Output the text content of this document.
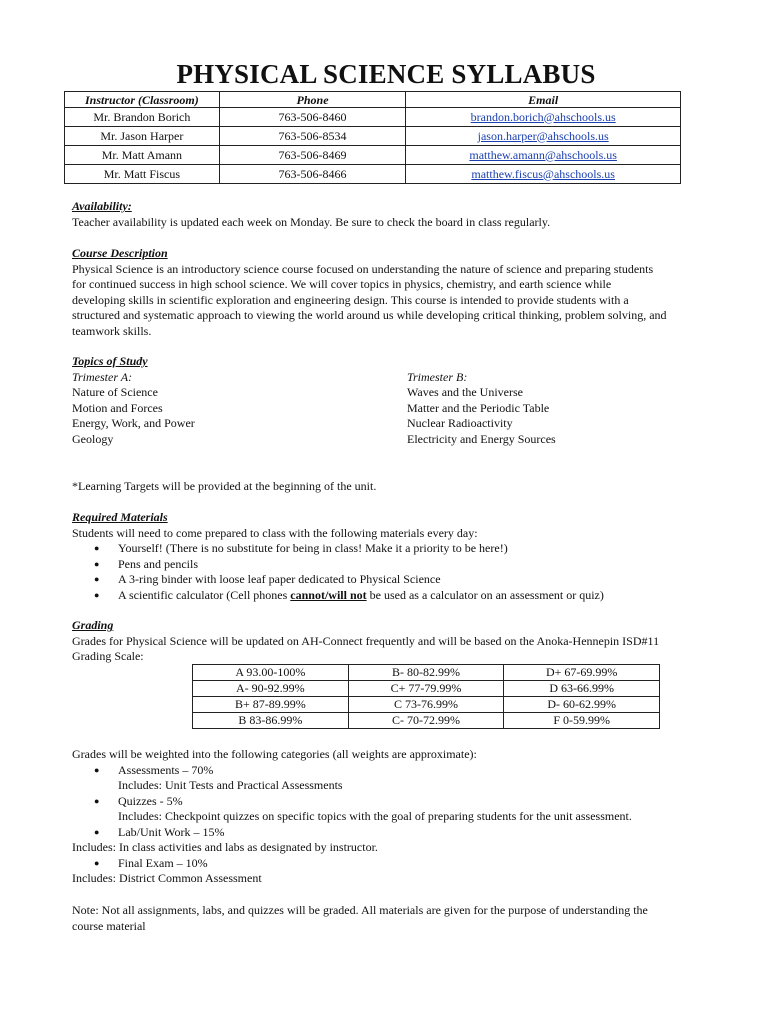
PHYSICAL SCIENCE SYLLABUS
Instructor (Classroom)	Phone	Email
Mr. Brandon Borich	763-506-8460	brandon.borich@ahschools.us
Mr. Jason Harper	763-506-8534	jason.harper@ahschools.us
Mr. Matt Amann	763-506-8469	matthew.amann@ahschools.us
Mr. Matt Fiscus	763-506-8466	matthew.fiscus@ahschools.us

Availability:

Teacher availability is updated each week on Monday. Be sure to check the board in class regularly.

Course Description

Physical Science is an introductory science course focused on understanding the nature of science and preparing students

for continued success in high school science. We will cover topics in physics, chemistry, and earth science while

developing skills in scientific exploration and engineering design. This course is intended to provide students with a

structured and systematic approach to viewing the world around us while developing critical thinking, problem solving, and

teamwork skills.

Topics of Study

Trimester A:

Nature of Science

Motion and Forces

Energy, Work, and Power

Geology

Trimester B:

Waves and the Universe

Matter and the Periodic Table

Nuclear Radioactivity

Electricity and Energy Sources

*Learning Targets will be provided at the beginning of the unit.

Required Materials

Students will need to come prepared to class with the following materials every day:

● Yourself! (There is no substitute for being in class! Make it a priority to be here!)
● Pens and pencils
● A 3-ring binder with loose leaf paper dedicated to Physical Science
● A scientific calculator (Cell phones cannot/will not be used as a calculator on an assessment or quiz)

Grading

Grades for Physical Science will be updated on AH-Connect frequently and will be based on the Anoka-Hennepin ISD#11

Grading Scale:

A 93.00-100%	B- 80-82.99%	D+ 67-69.99%
A- 90-92.99%	C+ 77-79.99%	D 63-66.99%
B+ 87-89.99%	C 73-76.99%	D- 60-62.99%
B 83-86.99%	C- 70-72.99%	F 0-59.99%

Grades will be weighted into the following categories (all weights are approximate):

● Assessments – 70%

Includes: Unit Tests and Practical Assessments

● Quizzes - 5%

Includes: Checkpoint quizzes on specific topics with the goal of preparing students for the unit assessment.

● Lab/Unit Work – 15%

Includes: In class activities and labs as designated by instructor.

● Final Exam – 10%

Includes: District Common Assessment

Note: Not all assignments, labs, and quizzes will be graded. All materials are given for the purpose of understanding the

course material
